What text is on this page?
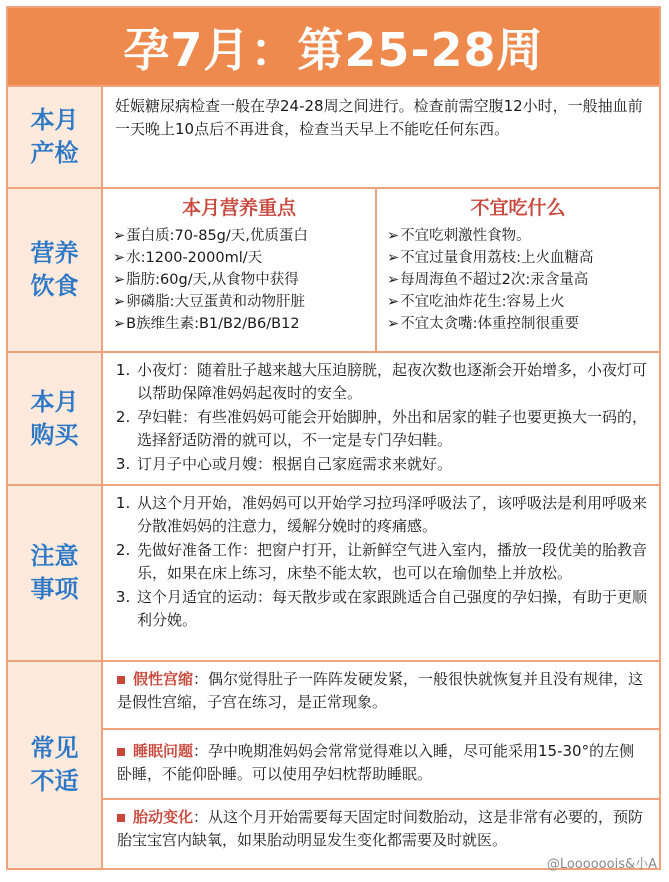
孕7月：第25-28周
本月
产检
妊娠糖尿病检查一般在孕24-28周之间进行。检查前需空腹12小时，一般抽血前一天晚上10点后不再进食，检查当天早上不能吃任何东西。
营养
饮食
本月营养重点
➢蛋白质:70-85g/天,优质蛋白
➢水:1200-2000ml/天
➢脂肪:60g/天,从食物中获得
➢卵磷脂:大豆蛋黄和动物肝脏
➢B族维生素:B1/B2/B6/B12
不宜吃什么
➢不宜吃刺激性食物。
➢不宜过量食用荔枝:上火血糖高
➢每周海鱼不超过2次:汞含量高
➢不宜吃油炸花生:容易上火
➢不宜太贪嘴:体重控制很重要
本月
购买
1. 小夜灯：随着肚子越来越大压迫膀胱，起夜次数也逐渐会开始增多，小夜灯可以帮助保障准妈妈起夜时的安全。
2. 孕妇鞋：有些准妈妈可能会开始脚肿，外出和居家的鞋子也要更换大一码的，选择舒适防滑的就可以，不一定是专门孕妇鞋。
3. 订月子中心或月嫂：根据自己家庭需求来就好。
注意
事项
1. 从这个月开始，准妈妈可以开始学习拉玛泽呼吸法了，该呼吸法是利用呼吸来分散准妈妈的注意力，缓解分娩时的疼痛感。
2. 先做好准备工作：把窗户打开，让新鲜空气进入室内，播放一段优美的胎教音乐，如果在床上练习，床垫不能太软，也可以在瑜伽垫上并放松。
3. 这个月适宜的运动：每天散步或在家跟跳适合自己强度的孕妇操，有助于更顺利分娩。
常见
不适
假性宫缩：偶尔觉得肚子一阵阵发硬发紧，一般很快就恢复并且没有规律，这是假性宫缩，子宫在练习，是正常现象。
睡眠问题：孕中晚期准妈妈会常常觉得难以入睡，尽可能采用15-30°的左侧卧睡，不能仰卧睡。可以使用孕妇枕帮助睡眠。
胎动变化：从这个月开始需要每天固定时间数胎动，这是非常有必要的，预防胎宝宝宫内缺氧，如果胎动明显发生变化都需要及时就医。
@Loooooois&小A
